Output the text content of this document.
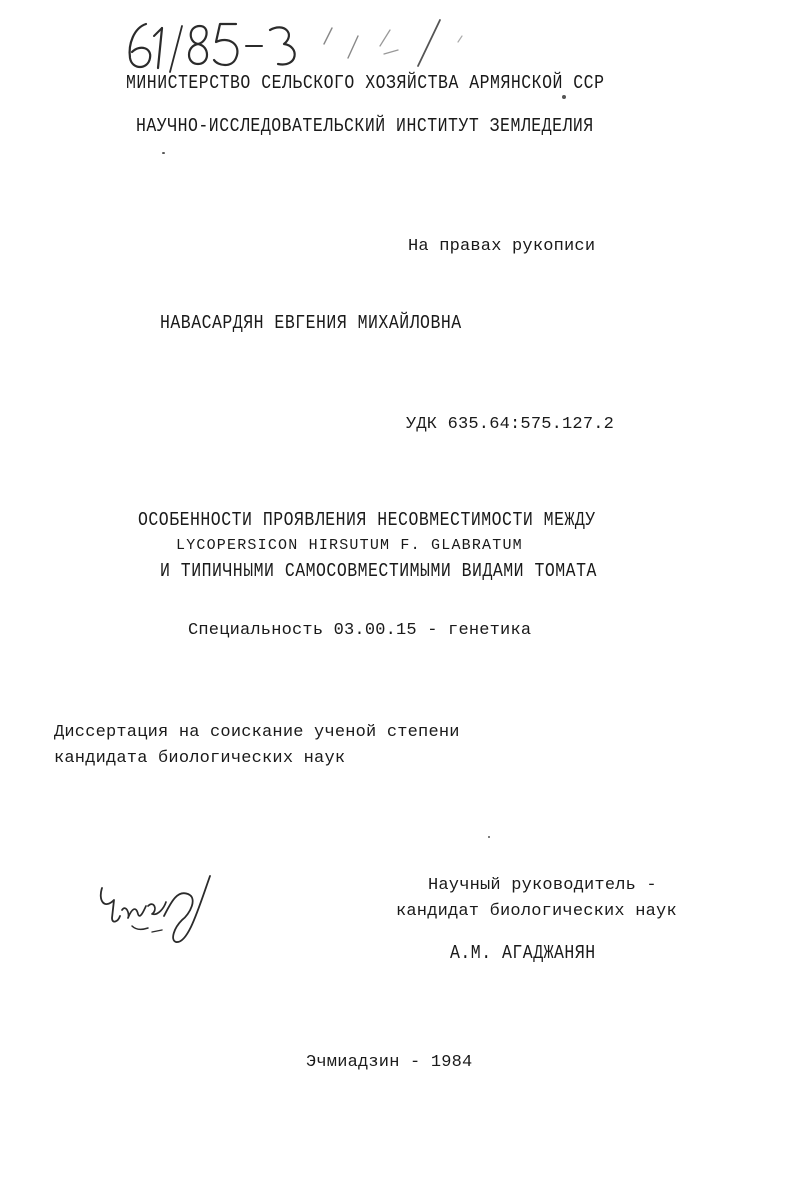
61/85-3
МИНИСТЕРСТВО СЕЛЬСКОГО ХОЗЯЙСТВА АРМЯНСКОЙ ССР
НАУЧНО-ИССЛЕДОВАТЕЛЬСКИЙ ИНСТИТУТ ЗЕМЛЕДЕЛИЯ
На правах рукописи
НАВАСАРДЯН ЕВГЕНИЯ МИХАЙЛОВНА
УДК 635.64:575.127.2
ОСОБЕННОСТИ ПРОЯВЛЕНИЯ НЕСОВМЕСТИМОСТИ МЕЖДУ
LYCOPERSICON HIRSUTUM F. GLABRATUM
И ТИПИЧНЫМИ САМОСОВМЕСТИМЫМИ ВИДАМИ ТОМАТА
Специальность 03.00.15 - генетика
Диссертация на соискание ученой степени
кандидата биологических наук
Научный руководитель -
кандидат биологических наук
А.М. АГАДЖАНЯН
Чиж
Эчмиадзин - 1984
